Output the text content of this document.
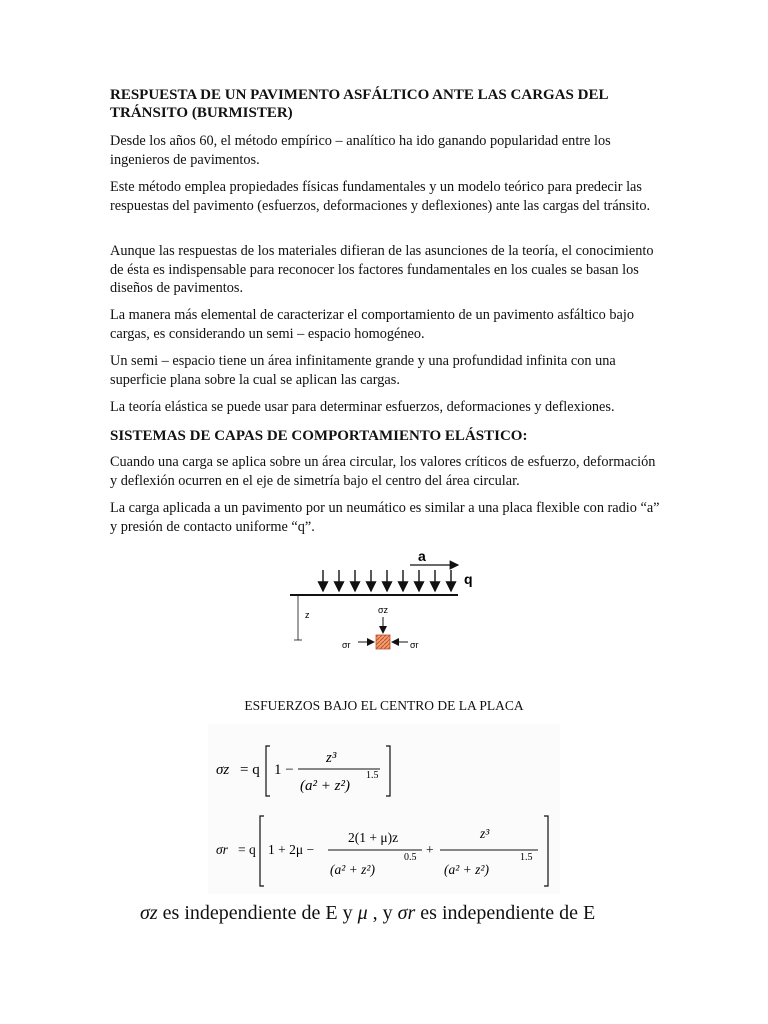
RESPUESTA DE UN PAVIMENTO ASFÁLTICO ANTE LAS CARGAS DEL TRÁNSITO (BURMISTER)

Desde los años 60, el método empírico – analítico ha ido ganando popularidad entre los ingenieros de pavimentos.

Este método emplea propiedades físicas fundamentales y un modelo teórico para predecir las respuestas del pavimento (esfuerzos, deformaciones y deflexiones) ante las cargas del tránsito.

Aunque las respuestas de los materiales difieran de las asunciones de la teoría, el conocimiento de ésta es indispensable para reconocer los factores fundamentales en los cuales se basan los diseños de pavimentos.

La manera más elemental de caracterizar el comportamiento de un pavimento asfáltico bajo cargas, es considerando un semi – espacio homogéneo.

Un semi – espacio tiene un área infinitamente grande y una profundidad infinita con una superficie plana sobre la cual se aplican las cargas.

La teoría elástica se puede usar para determinar esfuerzos, deformaciones y deflexiones.

SISTEMAS DE CAPAS DE COMPORTAMIENTO ELÁSTICO:

Cuando una carga se aplica sobre un área circular, los valores críticos de esfuerzo, deformación y deflexión ocurren en el eje de simetría bajo el centro del área circular.

La carga aplicada a un pavimento por un neumático es similar a una placa flexible con radio “a” y presión de contacto uniforme “q”.

a
q
z	σz
σr	σr

ESFUERZOS BAJO EL CENTRO DE LA PLACA

σz = q 1 −
z³
(a² + z²)
1.5
σr = q 1 + 2μ −
2(1 + μ)z
(a² + z²)
0.5
+
z³
(a² + z²)
1.5
σz es independiente de E y μ , y σr es independiente de E
